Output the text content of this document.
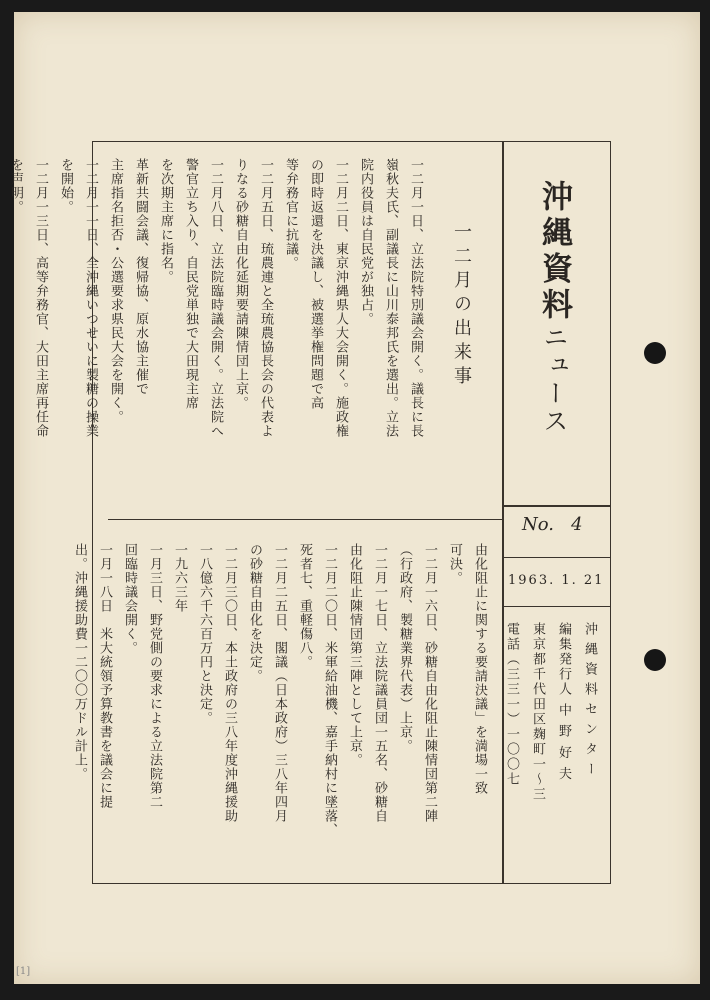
沖縄資料ニュース
No. 4
1963. 1. 21
沖縄資料センター
編集発行人 中 野 好 夫
東京都千代田区麹町一～三
電話（三三一）一〇〇七
一二月の出来事

一二月一日、立法院特別議会開く。議長に長

嶺秋夫氏、副議長に山川泰邦氏を選出。立法

院内役員は自民党が独占。

一二月二日、東京沖縄県人大会開く。施政権

の即時返還を決議し、被選挙権問題で高

等弁務官に抗議。

一二月五日、琉農連と全琉農協長会の代表よ

りなる砂糖自由化延期要請陳情団上京。

一二月八日、立法院臨時議会開く。立法院へ

警官立ち入り、自民党単独で大田現主席

を次期主席に指名。

革新共闘会議、復帰協、原水協主催で

主席指名拒否・公選要求県民大会を開く。

一二月一一日、全沖縄いつせいに製糖の操業

を開始。

一二月一三日、高等弁務官、大田主席再任命

を声明。

由化阻止に関する要請決議」を満場一致

可決。

一二月一六日、砂糖自由化阻止陳情団第二陣

（行政府、製糖業界代表）上京。

一二月一七日、立法院議員団一五名、砂糖自

由化阻止陳情団第三陣として上京。

一二月二〇日、米軍給油機、嘉手納村に墜落、

死者七、重軽傷八。

一二月二五日、閣議（日本政府）三八年四月

の砂糖自由化を決定。

一二月三〇日、本土政府の三八年度沖縄援助

一八億六千六百万円と決定。

一九六三年

一月三日、野党側の要求による立法院第二

回臨時議会開く。

一月一八日　米大統領予算教書を議会に提

出。沖縄援助費一二〇〇万ドル計上。

[1]
